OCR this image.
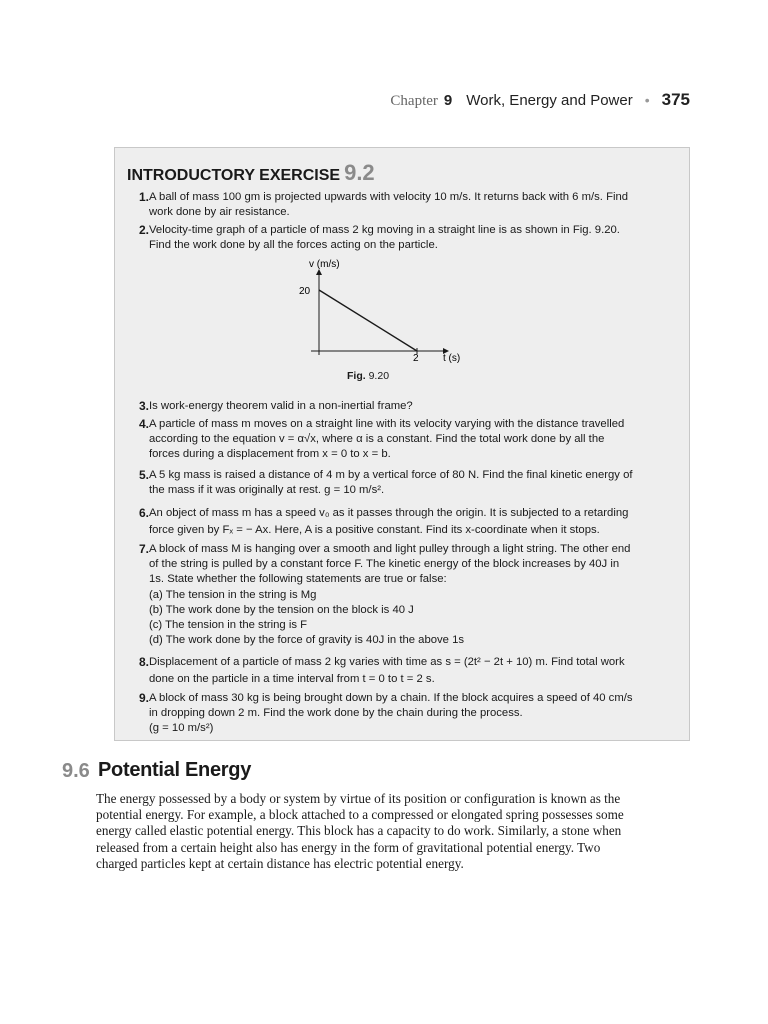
Chapter 9 Work, Energy and Power • 375
INTRODUCTORY EXERCISE 9.2
1. A ball of mass 100 gm is projected upwards with velocity 10 m/s. It returns back with 6 m/s. Find

work done by air resistance.

2. Velocity-time graph of a particle of mass 2 kg moving in a straight line is as shown in Fig. 9.20.

Find the work done by all the forces acting on the particle.

v (m/s)
t (s)
20
2
Fig. 9.20
3. Is work-energy theorem valid in a non-inertial frame?

4. A particle of mass m moves on a straight line with its velocity varying with the distance travelled

according to the equation v = α√x, where α is a constant. Find the total work done by all the

forces during a displacement from x = 0 to x = b.

5. A 5 kg mass is raised a distance of 4 m by a vertical force of 80 N. Find the final kinetic energy of

the mass if it was originally at rest. g = 10 m/s².

6. An object of mass m has a speed v₀ as it passes through the origin. It is subjected to a retarding

force given by Fₓ = − Ax. Here, A is a positive constant. Find its x-coordinate when it stops.

7. A block of mass M is hanging over a smooth and light pulley through a light string. The other end

of the string is pulled by a constant force F. The kinetic energy of the block increases by 40J in

1s. State whether the following statements are true or false:

(a) The tension in the string is Mg

(b) The work done by the tension on the block is 40 J

(c) The tension in the string is F

(d) The work done by the force of gravity is 40J in the above 1s

8. Displacement of a particle of mass 2 kg varies with time as s = (2t² − 2t + 10) m. Find total work

done on the particle in a time interval from t = 0 to t = 2 s.

9. A block of mass 30 kg is being brought down by a chain. If the block acquires a speed of 40 cm/s

in dropping down 2 m. Find the work done by the chain during the process.

(g = 10 m/s²)

9.6 Potential Energy

The energy possessed by a body or system by virtue of its position or configuration is known as the

potential energy. For example, a block attached to a compressed or elongated spring possesses some

energy called elastic potential energy. This block has a capacity to do work. Similarly, a stone when

released from a certain height also has energy in the form of gravitational potential energy. Two

charged particles kept at certain distance has electric potential energy.
